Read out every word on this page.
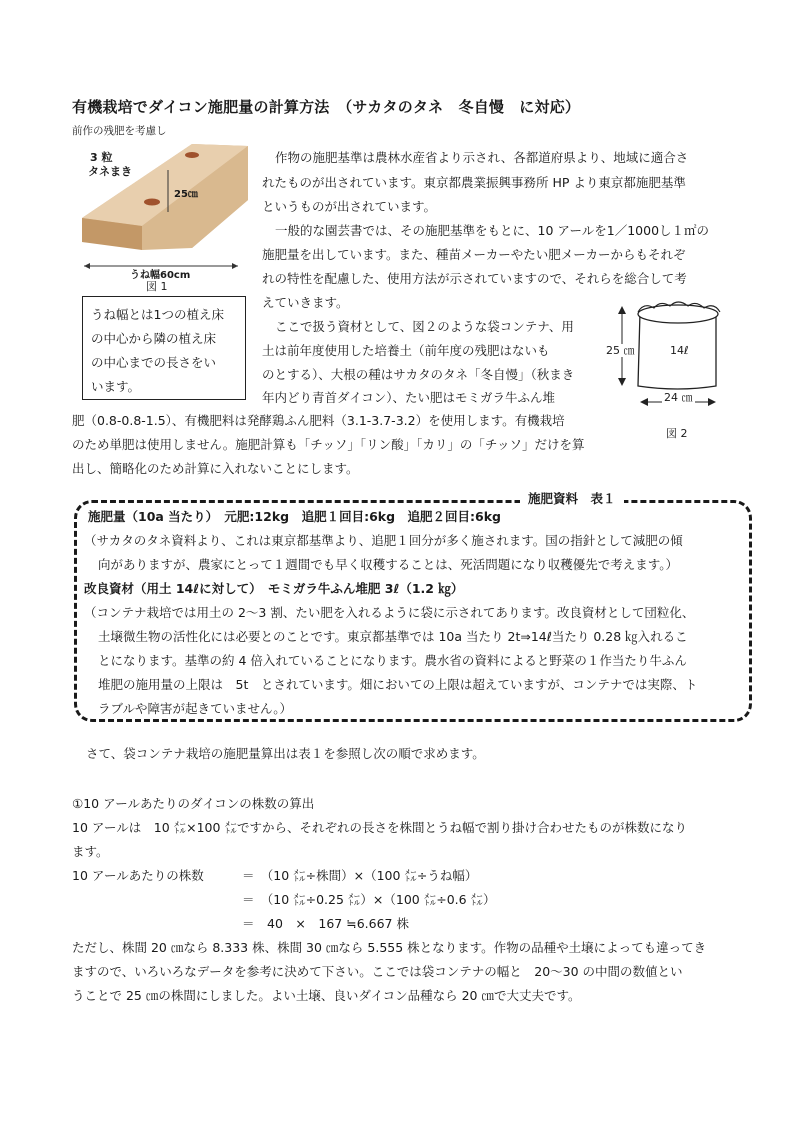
有機栽培でダイコン施肥量の計算方法　（サカタのタネ　冬自慢　に対応）
前作の残肥を考慮し
3 粒
タネまき
25㎝
うね幅60cm
図 1
うね幅とは1つの植え床
の中心から隣の植え床
の中心までの長さをい
います。
作物の施肥基準は農林水産省より示され、各都道府県より、地域に適合さ
れたものが出されています。東京都農業振興事務所 HP より東京都施肥基準
というものが出されています。
一般的な園芸書では、その施肥基準をもとに、10 アールを1／1000し１㎡の
施肥量を出しています。また、種苗メーカーやたい肥メーカーからもそれぞ
れの特性を配慮した、使用方法が示されていますので、それらを総合して考
えていきます。
ここで扱う資材として、図２のような袋コンテナ、用
土は前年度使用した培養土（前年度の残肥はないも
のとする）、大根の種はサカタのタネ「冬自慢」（秋まき
年内どり青首ダイコン）、たい肥はモミガラ牛ふん堆
肥（0.8-0.8-1.5）、有機肥料は発酵鶏ふん肥料（3.1-3.7-3.2）を使用します。有機栽培
のため単肥は使用しません。施肥計算も「チッソ」「リン酸」「カリ」の「チッソ」だけを算
出し、簡略化のため計算に入れないことにします。
25 ㎝	14ℓ
24 ㎝
図 2
施肥資料　表１
施肥量（10a 当たり）　元肥:12kg　追肥１回目:6kg　追肥２回目:6kg
（サカタのタネ資料より、これは東京都基準より、追肥１回分が多く施されます。国の指針として減肥の傾
向がありますが、農家にとって１週間でも早く収穫することは、死活問題になり収穫優先で考えます。）
改良資材（用土 14ℓに対して）　モミガラ牛ふん堆肥 3ℓ（1.2 ㎏）
（コンテナ栽培では用土の 2～3 割、たい肥を入れるように袋に示されてあります。改良資材として団粒化、
土壌微生物の活性化には必要とのことです。東京都基準では 10a 当たり 2t⇒14ℓ当たり 0.28 ㎏入れるこ
とになります。基準の約 4 倍入れていることになります。農水省の資料によると野菜の１作当たり牛ふん
堆肥の施用量の上限は　5t　とされています。畑においての上限は超えていますが、コンテナでは実際、ト
ラブルや障害が起きていません。）
さて、袋コンテナ栽培の施肥量算出は表１を参照し次の順で求めます。
①10 アールあたりのダイコンの株数の算出
10 アールは　10 ㍍×100 ㍍ですから、それぞれの長さを株間とうね幅で割り掛け合わせたものが株数になり
ます。
10 アールあたりの株数	＝　（10 ㍍÷株間）×（100 ㍍÷うね幅）
＝　（10 ㍍÷0.25 ㍍）×（100 ㍍÷0.6 ㍍）
＝　40　×　167 ≒6.667 株
ただし、株間 20 ㎝なら 8.333 株、株間 30 ㎝なら 5.555 株となります。作物の品種や土壌によっても違ってき
ますので、いろいろなデータを参考に決めて下さい。ここでは袋コンテナの幅と　20～30 の中間の数値とい
うことで 25 ㎝の株間にしました。よい土壌、良いダイコン品種なら 20 ㎝で大丈夫です。
